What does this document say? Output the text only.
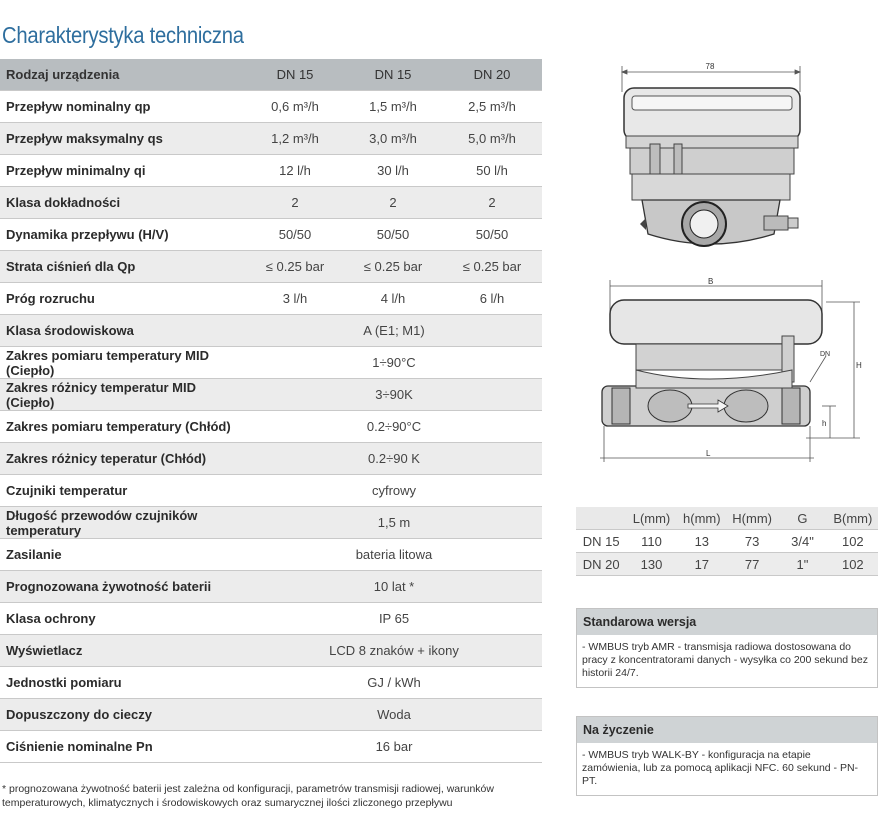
Charakterystyka techniczna
Rodzaj urządzenia	DN 15	DN 15	DN 20
Przepływ nominalny qp	0,6 m³/h	1,5 m³/h	2,5 m³/h
Przepływ maksymalny qs	1,2 m³/h	3,0 m³/h	5,0 m³/h
Przepływ minimalny qi	12 l/h	30 l/h	50 l/h
Klasa dokładności	2	2	2
Dynamika przepływu (H/V)	50/50	50/50	50/50
Strata ciśnień dla Qp	≤ 0.25 bar	≤ 0.25 bar	≤ 0.25 bar
Próg rozruchu	3 l/h	4 l/h	6 l/h
Klasa środowiskowa	A (E1; M1)		
Zakres pomiaru temperatury MID (Ciepło)	1÷90°C		
Zakres różnicy temperatur MID (Ciepło)	3÷90K		
Zakres pomiaru temperatury (Chłód)	0.2÷90°C		
Zakres różnicy teperatur (Chłód)	0.2÷90 K		
Czujniki temperatur	cyfrowy		
Długość przewodów czujników temperatury	1,5 m		
Zasilanie	bateria litowa		
Prognozowana żywotność baterii	10 lat *		
Klasa ochrony	IP 65		
Wyświetlacz	LCD 8 znaków + ikony		
Jednostki pomiaru	GJ / kWh		
Dopuszczony do cieczy	Woda		
Ciśnienie nominalne Pn	16 bar		
* prognozowana żywotność baterii jest zależna od konfiguracji, parametrów transmisji radiowej, warunków temperaturowych, klimatycznych i środowiskowych oraz sumarycznej ilości zliczonego przepływu
78
B
L
H
h
DN
	L(mm)	h(mm)	H(mm)	G	B(mm)
DN 15	110	13	73	3/4"	102
DN 20	130	17	77	1"	102
Standarowa wersja
- WMBUS tryb AMR - transmisja radiowa dostosowana do pracy z koncentratorami danych - wysyłka co 200 sekund bez historii 24/7.
Na życzenie
- WMBUS tryb WALK-BY - konfiguracja na etapie zamówienia, lub za pomocą aplikacji NFC. 60 sekund - PN-PT.
